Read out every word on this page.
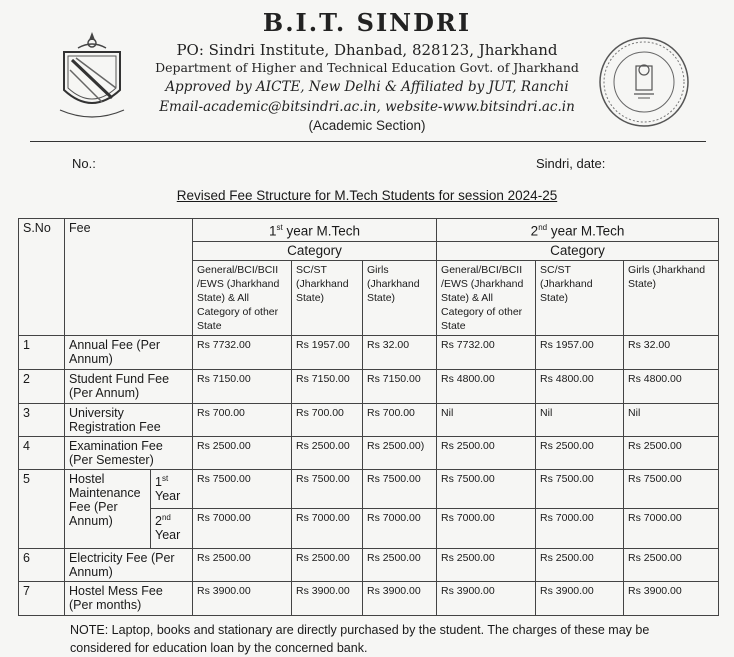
B.I.T. SINDRI
PO: Sindri Institute, Dhanbad, 828123, Jharkhand
Department of Higher and Technical Education Govt. of Jharkhand
Approved by AICTE, New Delhi & Affiliated by JUT, Ranchi
Email-academic@bitsindri.ac.in, website-www.bitsindri.ac.in
(Academic Section)
No.:	Sindri, date:
Revised Fee Structure for M.Tech Students for session 2024-25
S.No	Fee		1st year M.Tech			2nd year M.Tech		
			Category			Category		
			General/BCI/BCII /EWS (Jharkhand State) & All Category of other State	SC/ST (Jharkhand State)	Girls (Jharkhand State)	General/BCI/BCII /EWS (Jharkhand State) & All Category of other State	SC/ST (Jharkhand State)	Girls (Jharkhand State)
1	Annual Fee (Per Annum)		Rs 7732.00	Rs 1957.00	Rs 32.00	Rs 7732.00	Rs 1957.00	Rs 32.00
2	Student Fund Fee (Per Annum)		Rs 7150.00	Rs 7150.00	Rs 7150.00	Rs 4800.00	Rs 4800.00	Rs 4800.00
3	University Registration Fee		Rs 700.00	Rs 700.00	Rs 700.00	Nil	Nil	Nil
4	Examination Fee (Per Semester)		Rs 2500.00	Rs 2500.00	Rs 2500.00)	Rs 2500.00	Rs 2500.00	Rs 2500.00
5	Hostel Maintenance Fee (Per Annum)	1st
Year	Rs 7500.00	Rs 7500.00	Rs 7500.00	Rs 7500.00	Rs 7500.00	Rs 7500.00
		2nd
Year	Rs 7000.00	Rs 7000.00	Rs 7000.00	Rs 7000.00	Rs 7000.00	Rs 7000.00
6	Electricity Fee (Per Annum)		Rs 2500.00	Rs 2500.00	Rs 2500.00	Rs 2500.00	Rs 2500.00	Rs 2500.00
7	Hostel Mess Fee (Per months)		Rs 3900.00	Rs 3900.00	Rs 3900.00	Rs 3900.00	Rs 3900.00	Rs 3900.00
NOTE: Laptop, books and stationary are directly purchased by the student. The charges of these may be considered for education loan by the concerned bank.
